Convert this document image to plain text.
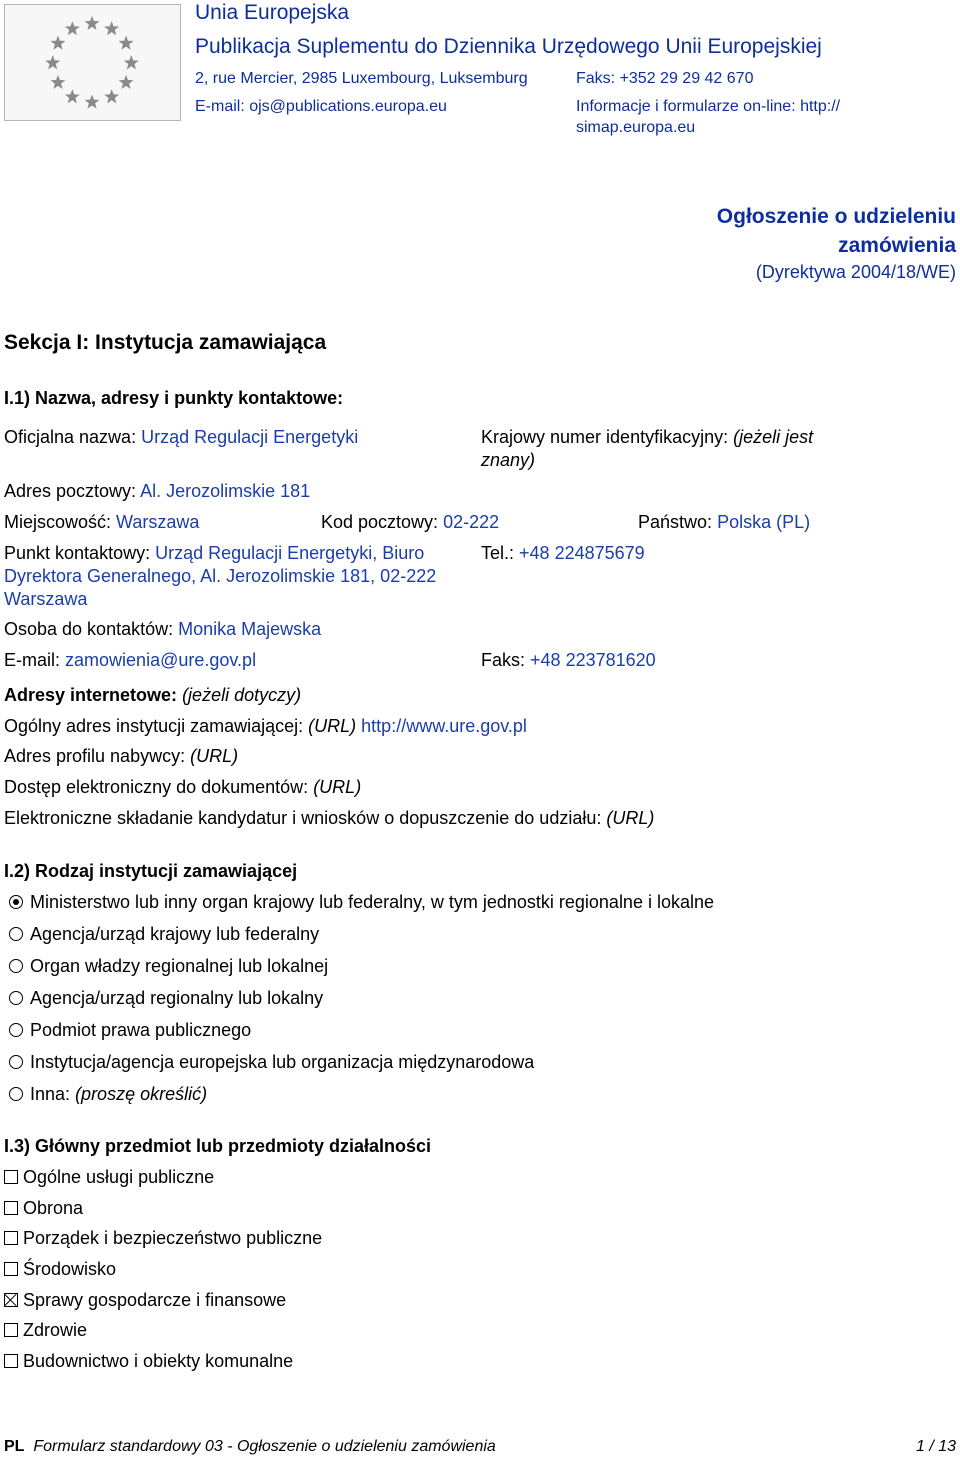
Unia Europejska
Publikacja Suplementu do Dziennika Urzędowego Unii Europejskiej
2, rue Mercier, 2985 Luxembourg, Luksemburg	Faks: +352 29 29 42 670
E-mail: ojs@publications.europa.eu	Informacje i formularze on-line: http://
simap.europa.eu
Ogłoszenie o udzieleniu
zamówienia
(Dyrektywa 2004/18/WE)
Sekcja I: Instytucja zamawiająca
I.1) Nazwa, adresy i punkty kontaktowe:
Oficjalna nazwa: Urząd Regulacji Energetyki	Krajowy numer identyfikacyjny: (jeżeli jest
znany)
Adres pocztowy: Al. Jerozolimskie 181
Miejscowość: Warszawa	Kod pocztowy: 02-222	Państwo: Polska (PL)
Punkt kontaktowy: Urząd Regulacji Energetyki, Biuro
Dyrektora Generalnego, Al. Jerozolimskie 181, 02-222
Warszawa
Tel.: +48 224875679
Osoba do kontaktów: Monika Majewska
E-mail: zamowienia@ure.gov.pl	Faks: +48 223781620
Adresy internetowe: (jeżeli dotyczy)
Ogólny adres instytucji zamawiającej: (URL) http://www.ure.gov.pl
Adres profilu nabywcy: (URL)
Dostęp elektroniczny do dokumentów: (URL)
Elektroniczne składanie kandydatur i wniosków o dopuszczenie do udziału: (URL)
I.2) Rodzaj instytucji zamawiającej
Ministerstwo lub inny organ krajowy lub federalny, w tym jednostki regionalne i lokalne
Agencja/urząd krajowy lub federalny
Organ władzy regionalnej lub lokalnej
Agencja/urząd regionalny lub lokalny
Podmiot prawa publicznego
Instytucja/agencja europejska lub organizacja międzynarodowa
Inna: (proszę określić)
I.3) Główny przedmiot lub przedmioty działalności
Ogólne usługi publiczne
Obrona
Porządek i bezpieczeństwo publiczne
Środowisko
Sprawy gospodarcze i finansowe
Zdrowie
Budownictwo i obiekty komunalne
PL Formularz standardowy 03 - Ogłoszenie o udzieleniu zamówienia	1 / 13
